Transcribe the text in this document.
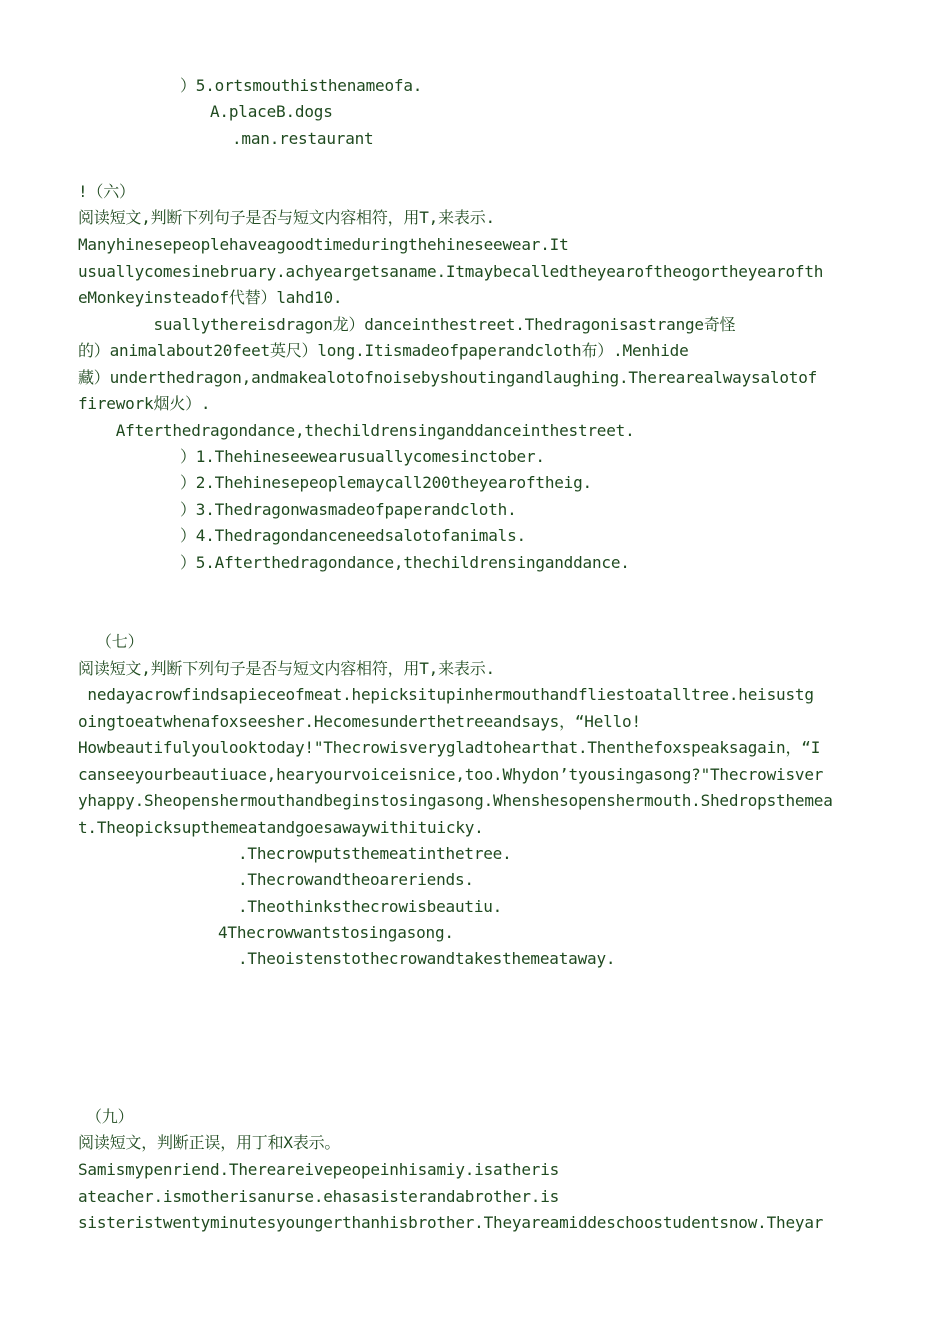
）5.ortsmouthisthenameofa.
A.placeB.dogs
.man.restaurant
!（六）
阅读短文,判断下列句子是否与短文内容相符，用T,来表示.
Manyhinesepeoplehaveagoodtimeduringthehineseewear.It
usuallycomesinebruary.achyeargetsaname.Itmaybecalledtheyearoftheogortheyearofth
eMonkeyinsteadof代替）lahd10.
suallythereisdragon龙）danceinthestreet.Thedragonisastrange奇怪
的）animalabout20feet英尺）long.Itismadeofpaperandcloth布）.Menhide
藏）underthedragon,andmakealotofnoisebyshoutingandlaughing.Therearealwaysalotof
firework烟火）.
Afterthedragondance,thechildrensinganddanceinthestreet.
）1.Thehineseewearusuallycomesinctober.
）2.Thehinesepeoplemaycall200theyearoftheig.
）3.Thedragonwasmadeofpaperandcloth.
）4.Thedragondanceneedsalotofanimals.
）5.Afterthedragondance,thechildrensinganddance.
（七）
阅读短文,判断下列句子是否与短文内容相符，用T,来表示.
nedayacrowfindsapieceofmeat.hepicksitupinhermouthandfliestoatalltree.heisustg
oingtoeatwhenafoxseesher.Hecomesunderthetreeandsays，“Hello!
Howbeautifulyoulooktoday!"Thecrowisverygladtohearthat.Thenthefoxspeaksagain，“I
canseeyourbeautiuace,hearyourvoiceisnice,too.Whydon’tyousingasong?"Thecrowisver
yhappy.Sheopenshermouthandbeginstosingasong.Whenshesopenshermouth.Shedropsthemea
t.Theopicksupthemeatandgoesawaywithituicky.
.Thecrowputsthemeatinthetree.
.Thecrowandtheoareriends.
.Theothinksthecrowisbeautiu.
4Thecrowwantstosingasong.
.Theoistenstothecrowandtakesthemeataway.
（九）
阅读短文，判断正误，用丁和X表示。
Samismypenriend.Thereareivepeopeinhisamiy.isatheris
ateacher.ismotherisanurse.ehasasisterandabrother.is
sisteristwentyminutesyoungerthanhisbrother.Theyareamiddeschoostudentsnow.Theyar
